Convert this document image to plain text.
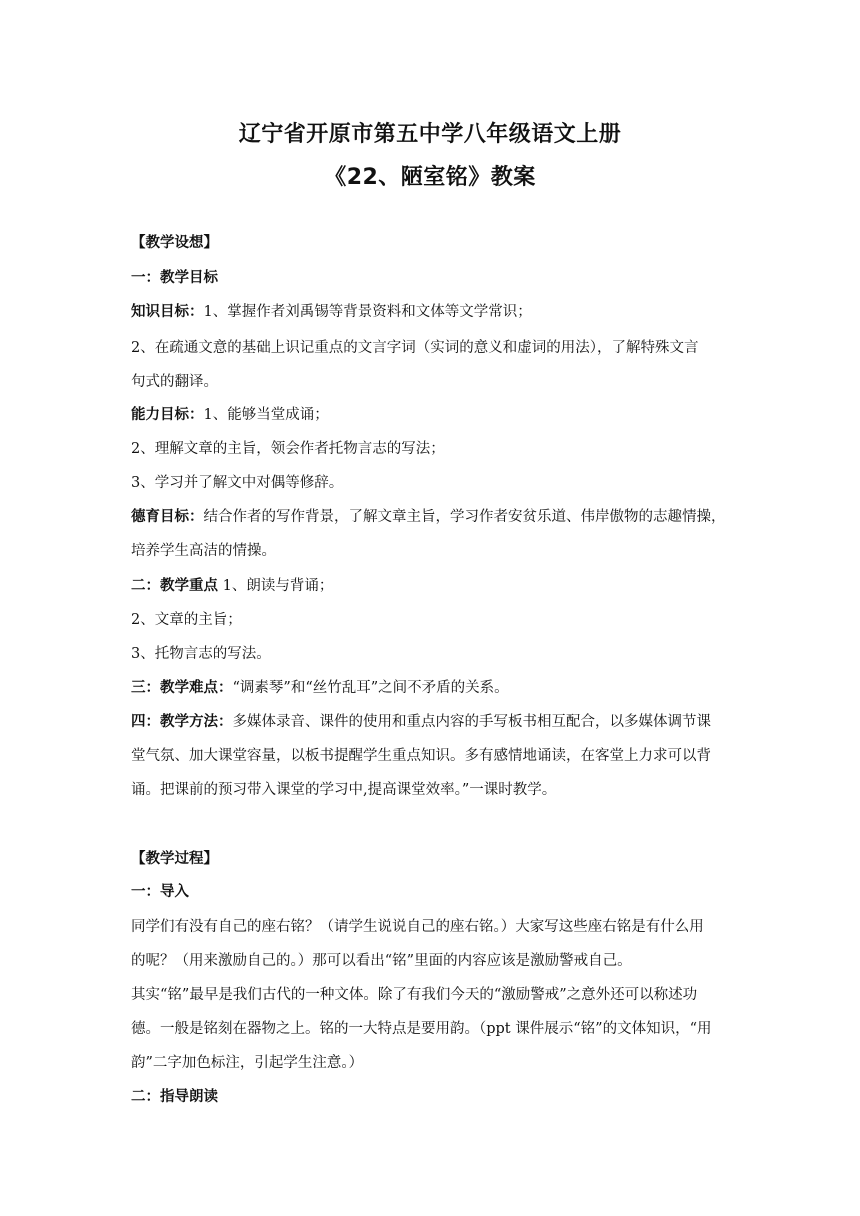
辽宁省开原市第五中学八年级语文上册
《22、陋室铭》教案
【教学设想】
一：教学目标
知识目标：1、掌握作者刘禹锡等背景资料和文体等文学常识；
2、在疏通文意的基础上识记重点的文言字词（实词的意义和虚词的用法），了解特殊文言
句式的翻译。
能力目标：1、能够当堂成诵；
2、理解文章的主旨，领会作者托物言志的写法；
3、学习并了解文中对偶等修辞。
德育目标：结合作者的写作背景，了解文章主旨，学习作者安贫乐道、伟岸傲物的志趣情操，
培养学生高洁的情操。
二：教学重点 1、朗读与背诵；
2、文章的主旨；
3、托物言志的写法。
三：教学难点：“调素琴”和“丝竹乱耳”之间不矛盾的关系。
四：教学方法：多媒体录音、课件的使用和重点内容的手写板书相互配合，以多媒体调节课
堂气氛、加大课堂容量，以板书提醒学生重点知识。多有感情地诵读，在客堂上力求可以背
诵。把课前的预习带入课堂的学习中,提高课堂效率。”一课时教学。
【教学过程】
一：导入
同学们有没有自己的座右铭？（请学生说说自己的座右铭。）大家写这些座右铭是有什么用
的呢？（用来激励自己的。）那可以看出“铭”里面的内容应该是激励警戒自己。
其实“铭”最早是我们古代的一种文体。除了有我们今天的“激励警戒”之意外还可以称述功
德。一般是铭刻在器物之上。铭的一大特点是要用韵。（ppt 课件展示“铭”的文体知识，“用
韵”二字加色标注，引起学生注意。）
二：指导朗读
